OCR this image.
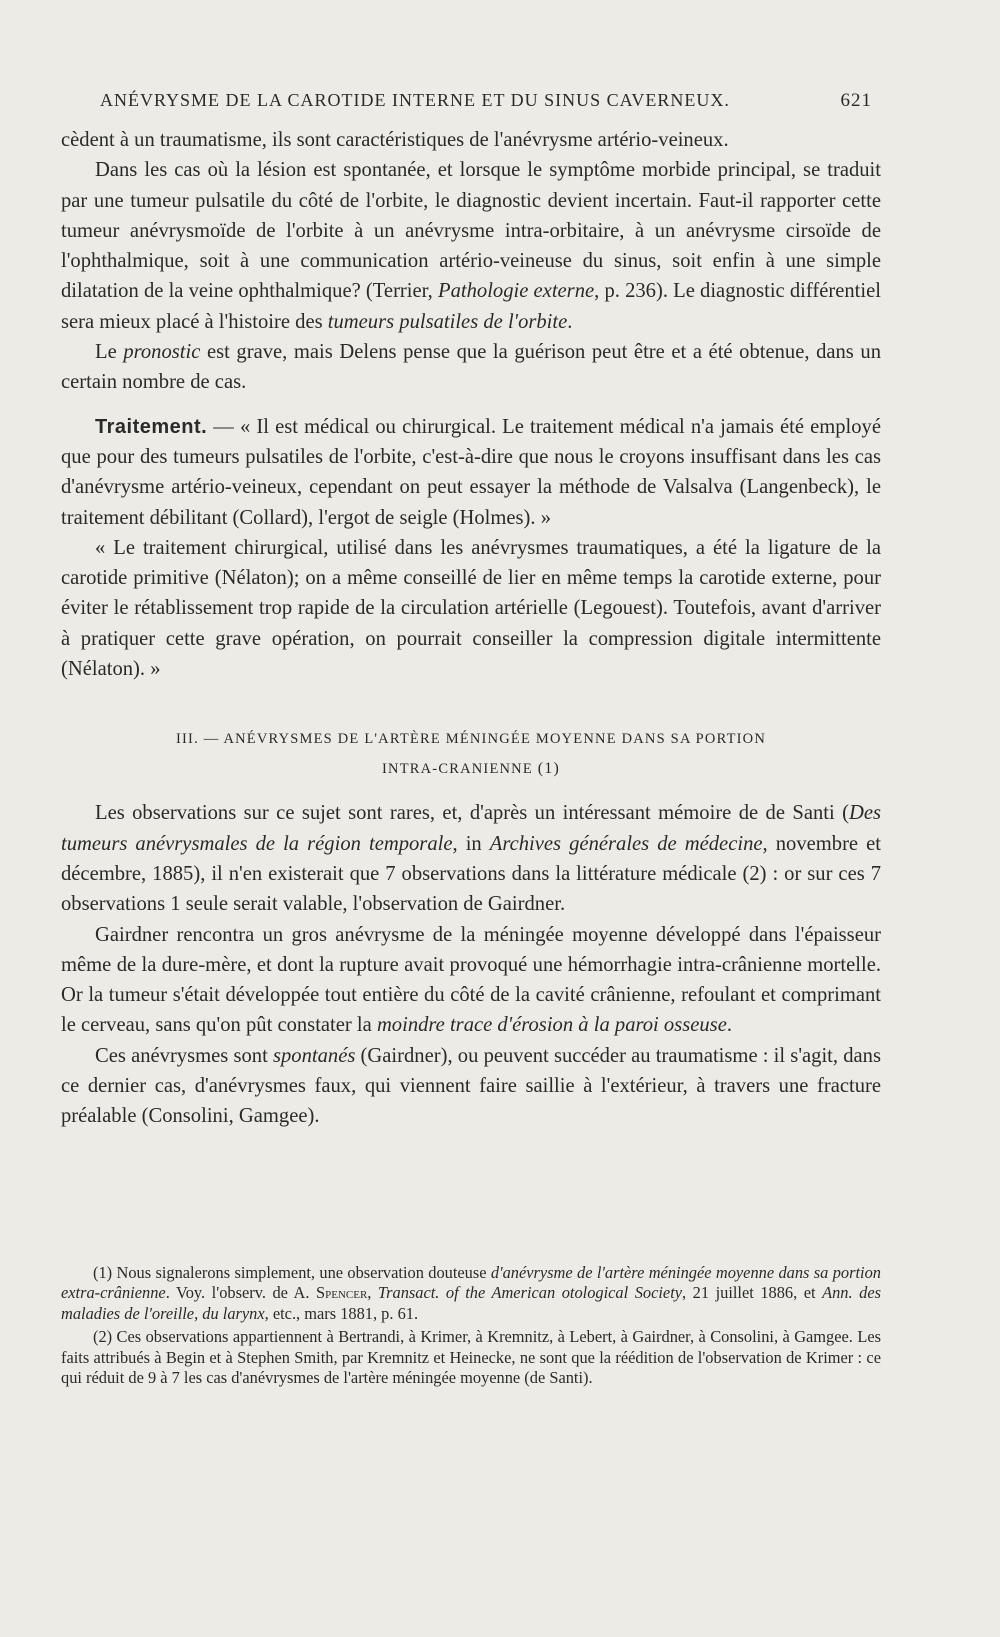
ANÉVRYSME DE LA CAROTIDE INTERNE ET DU SINUS CAVERNEUX.	621

cèdent à un traumatisme, ils sont caractéristiques de l'anévrysme artério-veineux.

Dans les cas où la lésion est spontanée, et lorsque le symptôme morbide principal, se traduit par une tumeur pulsatile du côté de l'orbite, le diagnostic devient incertain. Faut-il rapporter cette tumeur anévrysmoïde de l'orbite à un anévrysme intra-orbitaire, à un anévrysme cirsoïde de l'ophthalmique, soit à une communication artério-veineuse du sinus, soit enfin à une simple dilatation de la veine ophthalmique? (Terrier, Pathologie externe, p. 236). Le diagnostic différentiel sera mieux placé à l'histoire des tumeurs pulsatiles de l'orbite.

Le pronostic est grave, mais Delens pense que la guérison peut être et a été obtenue, dans un certain nombre de cas.

Traitement. — « Il est médical ou chirurgical. Le traitement médical n'a jamais été employé que pour des tumeurs pulsatiles de l'orbite, c'est-à-dire que nous le croyons insuffisant dans les cas d'anévrysme artério-veineux, cependant on peut essayer la méthode de Valsalva (Langenbeck), le traitement débilitant (Collard), l'ergot de seigle (Holmes). »

« Le traitement chirurgical, utilisé dans les anévrysmes traumatiques, a été la ligature de la carotide primitive (Nélaton); on a même conseillé de lier en même temps la carotide externe, pour éviter le rétablissement trop rapide de la circulation artérielle (Legouest). Toutefois, avant d'arriver à pratiquer cette grave opération, on pourrait conseiller la compression digitale intermittente (Nélaton). »

III. — ANÉVRYSMES DE L'ARTÈRE MÉNINGÉE MOYENNE DANS SA PORTION
INTRA-CRANIENNE (1)

Les observations sur ce sujet sont rares, et, d'après un intéressant mémoire de de Santi (Des tumeurs anévrysmales de la région temporale, in Archives générales de médecine, novembre et décembre, 1885), il n'en existerait que 7 observations dans la littérature médicale (2) : or sur ces 7 observations 1 seule serait valable, l'observation de Gairdner.

Gairdner rencontra un gros anévrysme de la méningée moyenne développé dans l'épaisseur même de la dure-mère, et dont la rupture avait provoqué une hémorrhagie intra-crânienne mortelle. Or la tumeur s'était développée tout entière du côté de la cavité crânienne, refoulant et comprimant le cerveau, sans qu'on pût constater la moindre trace d'érosion à la paroi osseuse.

Ces anévrysmes sont spontanés (Gairdner), ou peuvent succéder au traumatisme : il s'agit, dans ce dernier cas, d'anévrysmes faux, qui viennent faire saillie à l'extérieur, à travers une fracture préalable (Consolini, Gamgee).

(1) Nous signalerons simplement, une observation douteuse d'anévrysme de l'artère méningée moyenne dans sa portion extra-crânienne. Voy. l'observ. de A. Spencer, Transact. of the American otological Society, 21 juillet 1886, et Ann. des maladies de l'oreille, du larynx, etc., mars 1881, p. 61.

(2) Ces observations appartiennent à Bertrandi, à Krimer, à Kremnitz, à Lebert, à Gairdner, à Consolini, à Gamgee. Les faits attribués à Begin et à Stephen Smith, par Kremnitz et Heinecke, ne sont que la réédition de l'observation de Krimer : ce qui réduit de 9 à 7 les cas d'anévrysmes de l'artère méningée moyenne (de Santi).
